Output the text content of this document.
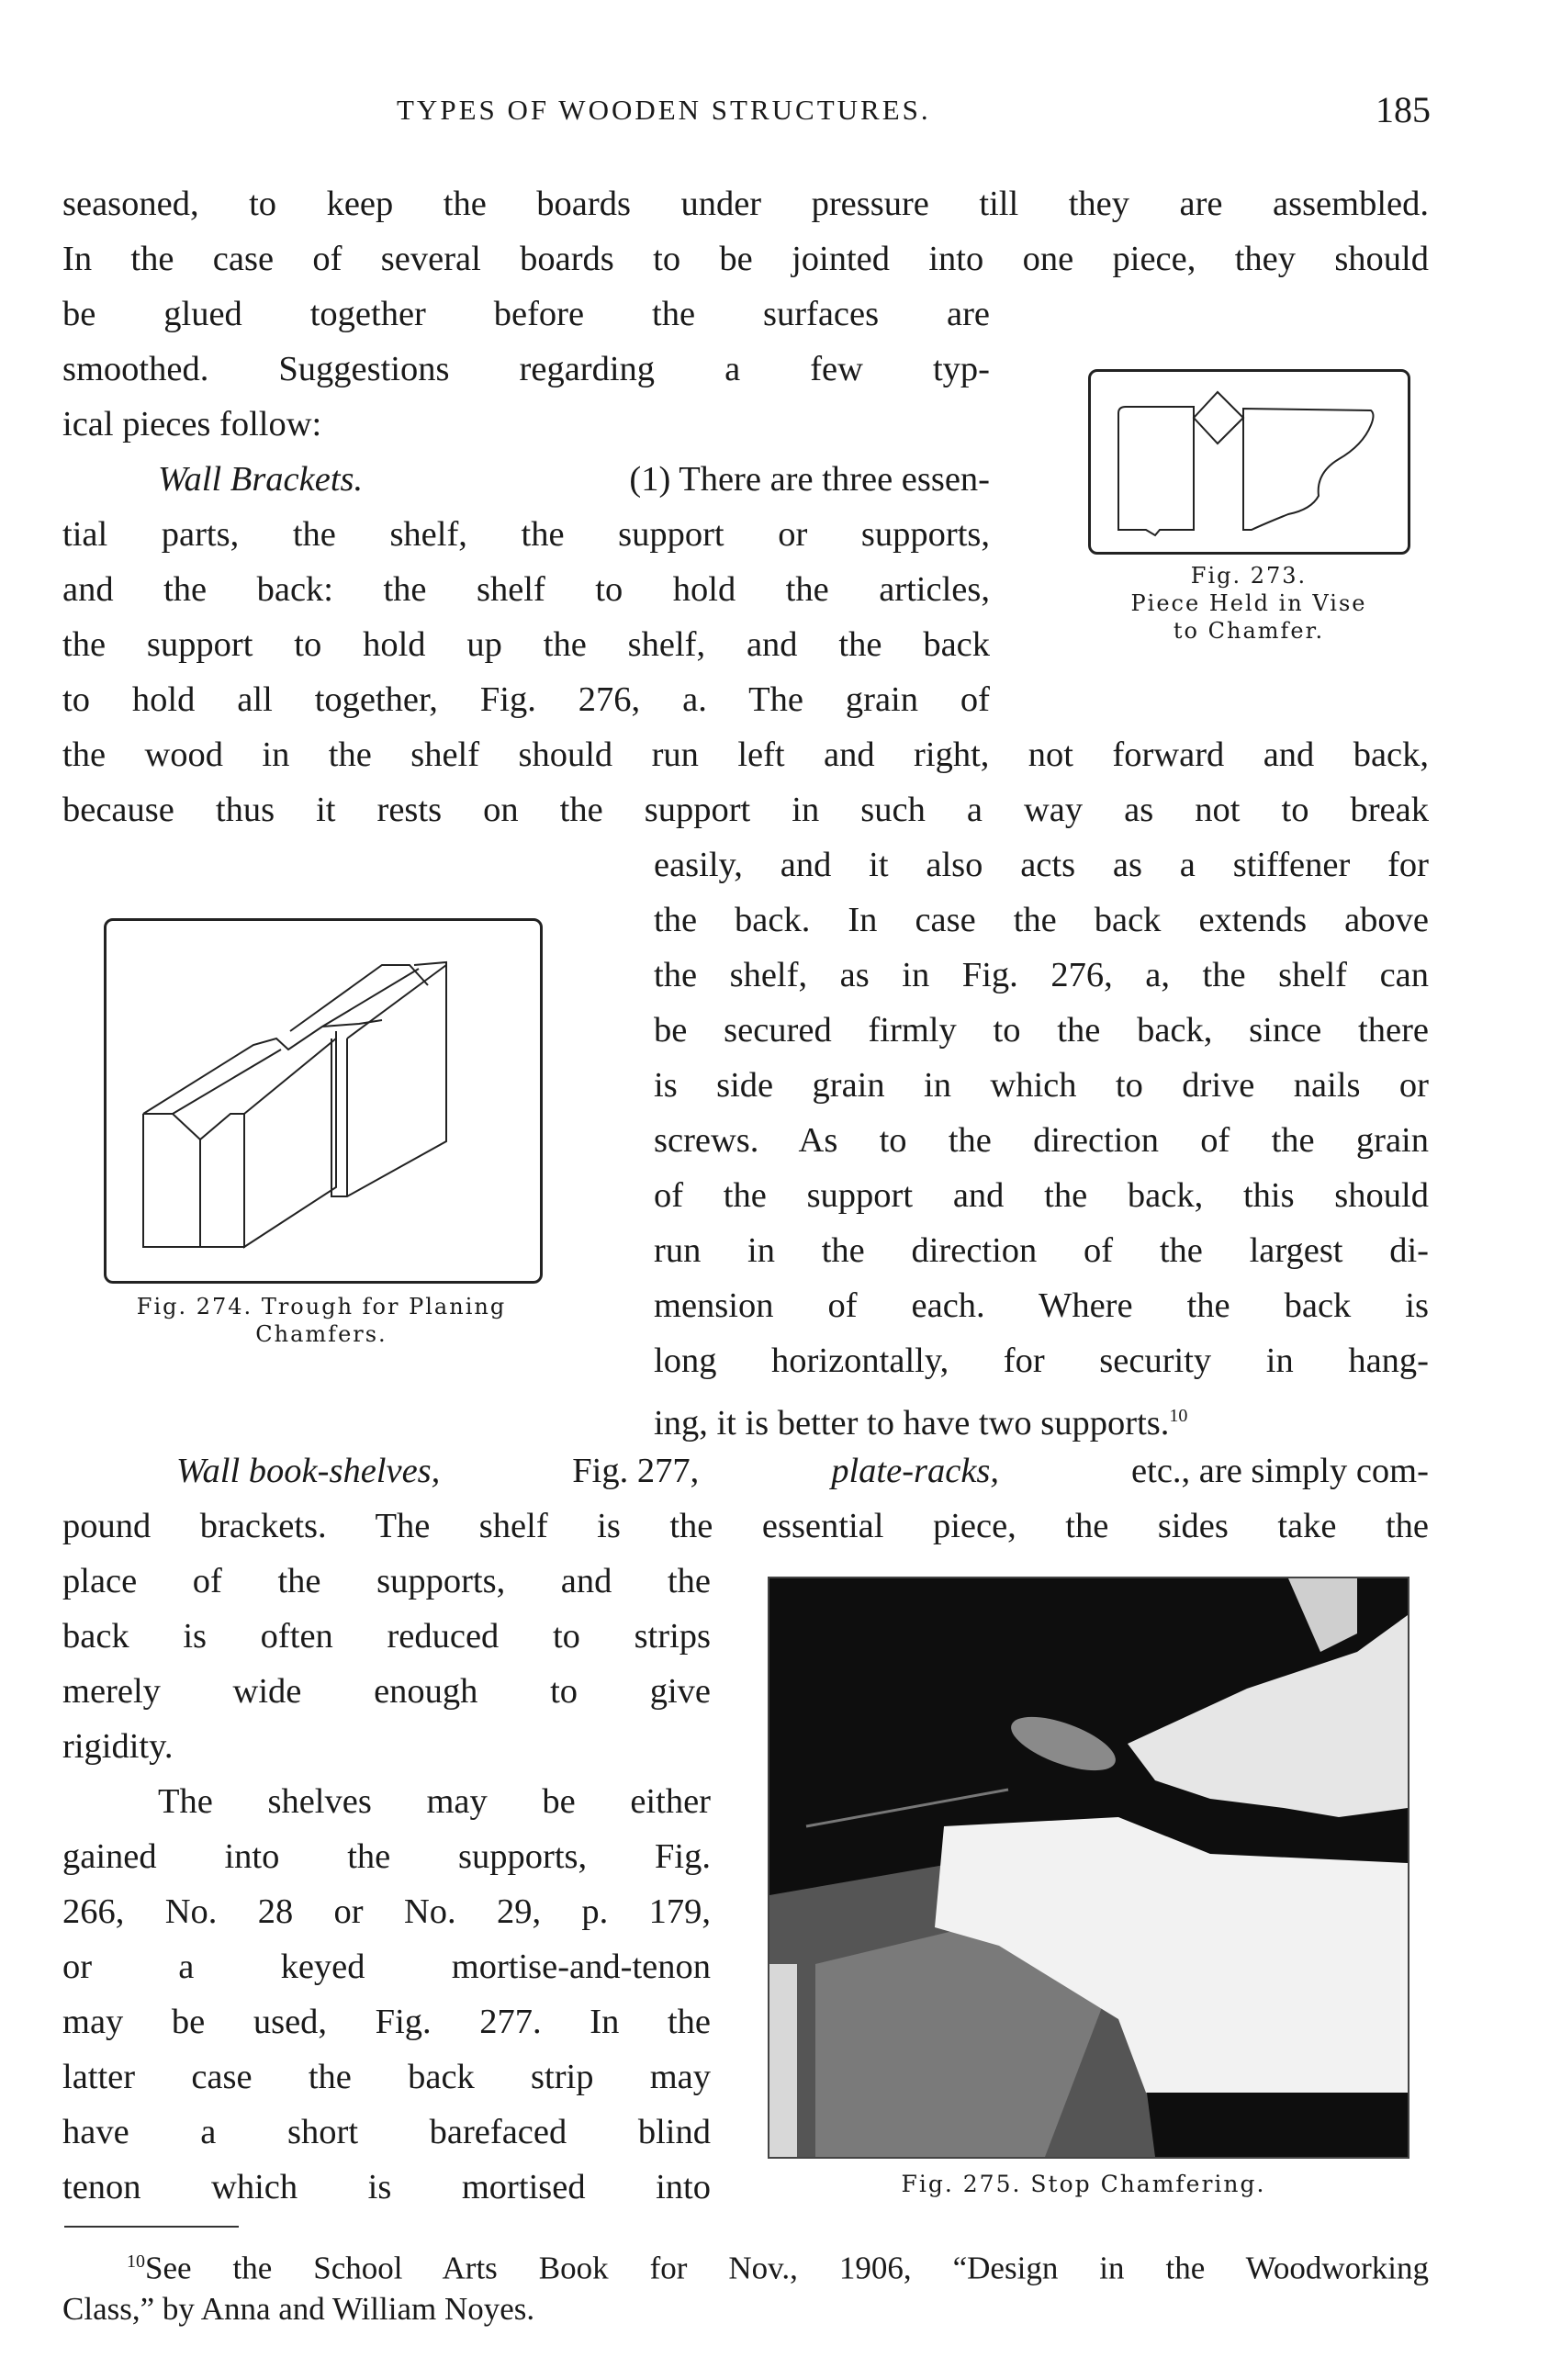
TYPES OF WOODEN STRUCTURES.	185
seasoned, to keep the boards under pressure till they are assembled.
In the case of several boards to be jointed into one piece, they should
be glued together before the surfaces are
smoothed. Suggestions regarding a few typ-
ical pieces follow:
Wall Brackets.	(1) There are three essen-
tial parts, the shelf, the support or supports,
and the back: the shelf to hold the articles,
the support to hold up the shelf, and the back
to hold all together, Fig. 276, a. The grain of
the wood in the shelf should run left and right, not forward and back,
because thus it rests on the support in such a way as not to break
easily, and it also acts as a stiffener for
the back. In case the back extends above
the shelf, as in Fig. 276, a, the shelf can
be secured firmly to the back, since there
is side grain in which to drive nails or
screws. As to the direction of the grain
of the support and the back, this should
run in the direction of the largest di-
mension of each. Where the back is
long horizontally, for security in hang-
ing, it is better to have two supports.$^{10}$
Wall book-shelves,	Fig. 277,	plate-racks,	etc., are simply com-
pound brackets. The shelf is the essential piece, the sides take the
place of the supports, and the
back is often reduced to strips
merely wide enough to give
rigidity.
The shelves may be either
gained into the supports, Fig.
266, No. 28 or No. 29, p. 179,
or a keyed mortise-and-tenon
may be used, Fig. 277. In the
latter case the back strip may
have a short barefaced blind
tenon which is mortised into
Fig. 273.
Piece Held in Vise
to Chamfer.
Fig. 274. Trough for Planing
Chamfers.
Fig. 275. Stop Chamfering.
$^{10}$See the School Arts Book for Nov., 1906, “Design in the Woodworking
Class,” by Anna and William Noyes.
